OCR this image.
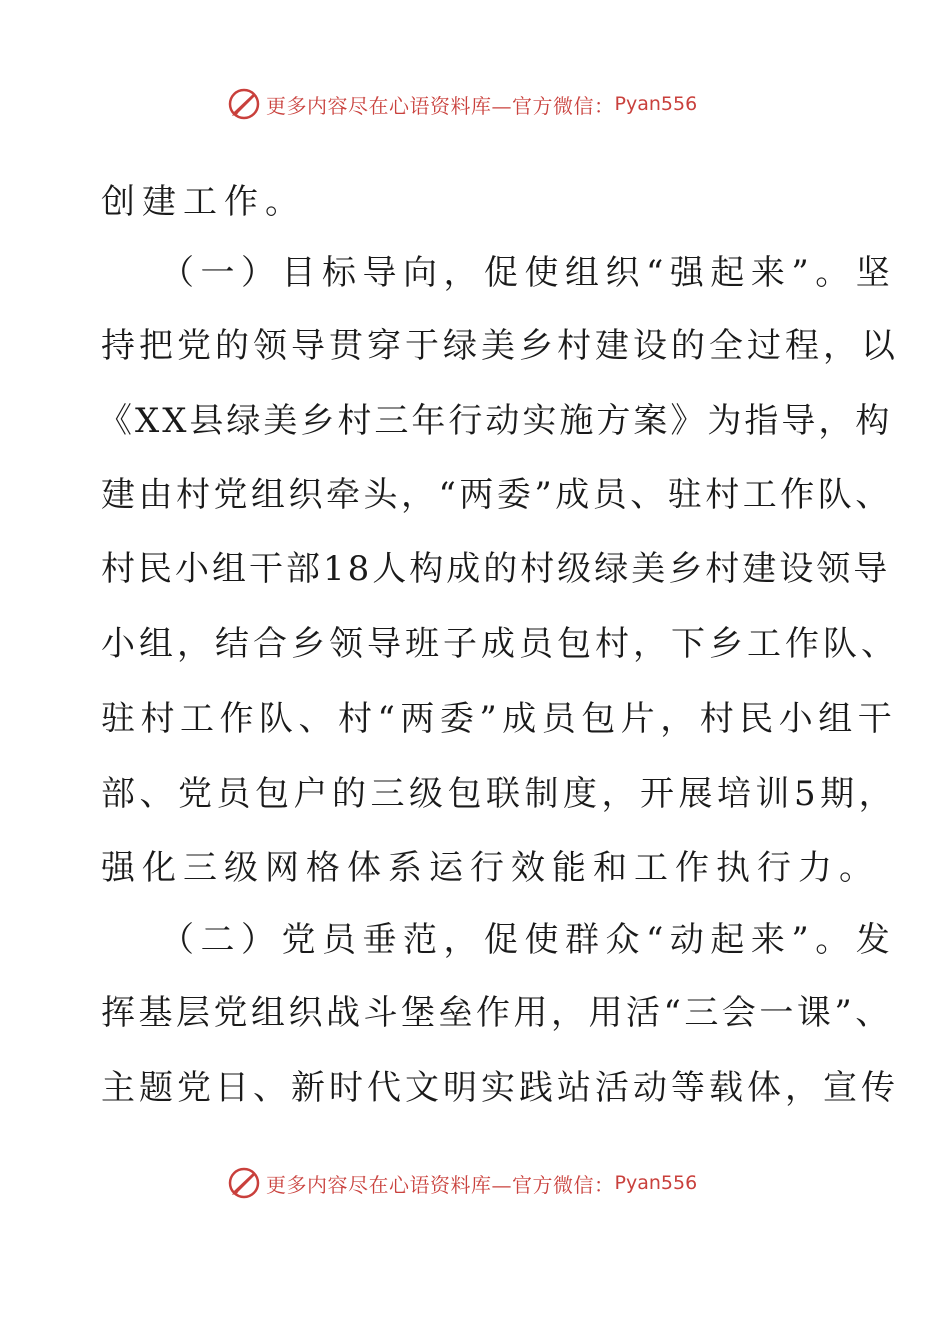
更多内容尽在心语资料库—官方微信： Pyan556
创建工作。
（一）目标导向，促使组织“强起来”。坚
持把党的领导贯穿于绿美乡村建设的全过程，以
《XX县绿美乡村三年行动实施方案》为指导，构
建由村党组织牵头，“两委”成员、驻村工作队、
村民小组干部18人构成的村级绿美乡村建设领导
小组，结合乡领导班子成员包村，下乡工作队、
驻村工作队、村“两委”成员包片，村民小组干
部、党员包户的三级包联制度，开展培训5期，
强化三级网格体系运行效能和工作执行力。
（二）党员垂范，促使群众“动起来”。发
挥基层党组织战斗堡垒作用，用活“三会一课”、
主题党日、新时代文明实践站活动等载体，宣传
更多内容尽在心语资料库—官方微信： Pyan556
